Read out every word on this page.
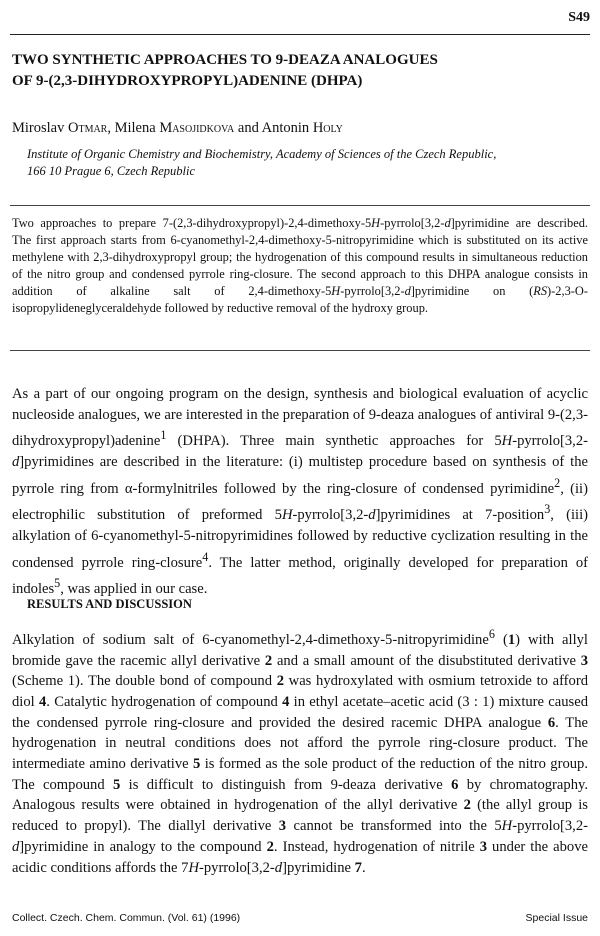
S49
TWO SYNTHETIC APPROACHES TO 9-DEAZA ANALOGUES
OF 9-(2,3-DIHYDROXYPROPYL)ADENINE (DHPA)
Miroslav Otmar, Milena Masojidkova and Antonin Holy
Institute of Organic Chemistry and Biochemistry, Academy of Sciences of the Czech Republic,
166 10 Prague 6, Czech Republic

Two approaches to prepare 7-(2,3-dihydroxypropyl)-2,4-dimethoxy-5H-pyrrolo[3,2-d]pyrimidine are described. The first approach starts from 6-cyanomethyl-2,4-dimethoxy-5-nitropyrimidine which is substituted on its active methylene with 2,3-dihydroxypropyl group; the hydrogenation of this compound results in simultaneous reduction of the nitro group and condensed pyrrole ring-closure. The second approach to this DHPA analogue consists in addition of alkaline salt of 2,4-dimethoxy-5H-pyrrolo[3,2-d]pyrimidine on (RS)-2,3-O-isopropylideneglyceraldehyde followed by reductive removal of the hydroxy group.

As a part of our ongoing program on the design, synthesis and biological evaluation of acyclic nucleoside analogues, we are interested in the preparation of 9-deaza analogues of antiviral 9-(2,3-dihydroxypropyl)adenine$^1$ (DHPA). Three main synthetic approaches for 5H-pyrrolo[3,2-d]pyrimidines are described in the literature: (i) multistep procedure based on synthesis of the pyrrole ring from α-formylnitriles followed by the ring-closure of condensed pyrimidine$^2$, (ii) electrophilic substitution of preformed 5H-pyrrolo[3,2-d]pyrimidines at 7-position$^3$, (iii) alkylation of 6-cyanomethyl-5-nitropyrimidines followed by reductive cyclization resulting in the condensed pyrrole ring-closure$^4$. The latter method, originally developed for preparation of indoles$^5$, was applied in our case.

RESULTS AND DISCUSSION

Alkylation of sodium salt of 6-cyanomethyl-2,4-dimethoxy-5-nitropyrimidine$^6$ (1) with allyl bromide gave the racemic allyl derivative 2 and a small amount of the disubstituted derivative 3 (Scheme 1). The double bond of compound 2 was hydroxylated with osmium tetroxide to afford diol 4. Catalytic hydrogenation of compound 4 in ethyl acetate–acetic acid (3 : 1) mixture caused the condensed pyrrole ring-closure and provided the desired racemic DHPA analogue 6. The hydrogenation in neutral conditions does not afford the pyrrole ring-closure product. The intermediate amino derivative 5 is formed as the sole product of the reduction of the nitro group. The compound 5 is difficult to distinguish from 9-deaza derivative 6 by chromatography. Analogous results were obtained in hydrogenation of the allyl derivative 2 (the allyl group is reduced to propyl). The diallyl derivative 3 cannot be transformed into the 5H-pyrrolo[3,2-d]pyrimidine in analogy to the compound 2. Instead, hydrogenation of nitrile 3 under the above acidic conditions affords the 7H-pyrrolo[3,2-d]pyrimidine 7.

Collect. Czech. Chem. Commun. (Vol. 61) (1996)	Special Issue
